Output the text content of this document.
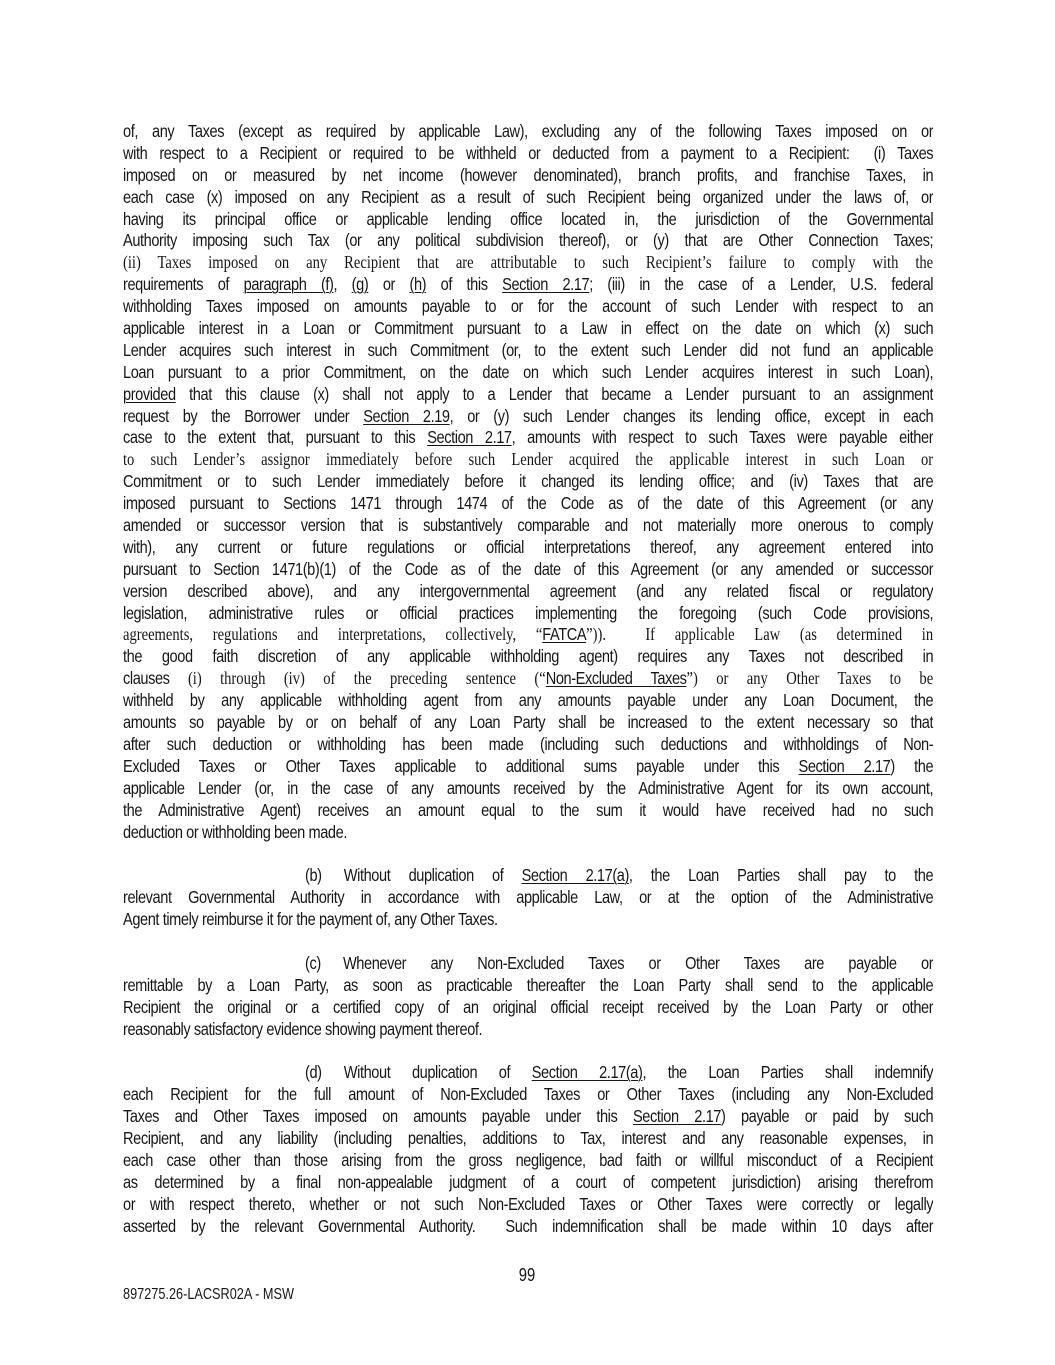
of, any Taxes (except as required by applicable Law), excluding any of the following Taxes imposed on or
with respect to a Recipient or required to be withheld or deducted from a payment to a Recipient:  (i) Taxes
imposed on or measured by net income (however denominated), branch profits, and franchise Taxes, in
each case (x) imposed on any Recipient as a result of such Recipient being organized under the laws of, or
having its principal office or applicable lending office located in, the jurisdiction of the Governmental
Authority imposing such Tax (or any political subdivision thereof), or (y) that are Other Connection Taxes;
(ii) Taxes imposed on any Recipient that are attributable to such Recipient’s failure to comply with the
requirements of paragraph (f), (g) or (h) of this Section 2.17; (iii) in the case of a Lender, U.S. federal
withholding Taxes imposed on amounts payable to or for the account of such Lender with respect to an
applicable interest in a Loan or Commitment pursuant to a Law in effect on the date on which (x) such
Lender acquires such interest in such Commitment (or, to the extent such Lender did not fund an applicable
Loan pursuant to a prior Commitment, on the date on which such Lender acquires interest in such Loan),
provided that this clause (x) shall not apply to a Lender that became a Lender pursuant to an assignment
request by the Borrower under Section 2.19, or (y) such Lender changes its lending office, except in each
case to the extent that, pursuant to this Section 2.17, amounts with respect to such Taxes were payable either
to such Lender’s assignor immediately before such Lender acquired the applicable interest in such Loan or
Commitment or to such Lender immediately before it changed its lending office; and (iv) Taxes that are
imposed pursuant to Sections 1471 through 1474 of the Code as of the date of this Agreement (or any
amended or successor version that is substantively comparable and not materially more onerous to comply
with), any current or future regulations or official interpretations thereof, any agreement entered into
pursuant to Section 1471(b)(1) of the Code as of the date of this Agreement (or any amended or successor
version described above), and any intergovernmental agreement (and any related fiscal or regulatory
legislation, administrative rules or official practices implementing the foregoing (such Code provisions,
agreements, regulations and interpretations, collectively, “FATCA”)).  If applicable Law (as determined in
the good faith discretion of any applicable withholding agent) requires any Taxes not described in
clauses (i) through (iv) of the preceding sentence (“Non-Excluded Taxes”) or any Other Taxes to be
withheld by any applicable withholding agent from any amounts payable under any Loan Document, the
amounts so payable by or on behalf of any Loan Party shall be increased to the extent necessary so that
after such deduction or withholding has been made (including such deductions and withholdings of Non-
Excluded Taxes or Other Taxes applicable to additional sums payable under this Section 2.17) the
applicable Lender (or, in the case of any amounts received by the Administrative Agent for its own account,
the Administrative Agent) receives an amount equal to the sum it would have received had no such
deduction or withholding been made.
(b) Without duplication of Section 2.17(a), the Loan Parties shall pay to the
relevant Governmental Authority in accordance with applicable Law, or at the option of the Administrative
Agent timely reimburse it for the payment of, any Other Taxes.
(c) Whenever any Non-Excluded Taxes or Other Taxes are payable or
remittable by a Loan Party, as soon as practicable thereafter the Loan Party shall send to the applicable
Recipient the original or a certified copy of an original official receipt received by the Loan Party or other
reasonably satisfactory evidence showing payment thereof.
(d) Without duplication of Section 2.17(a), the Loan Parties shall indemnify
each Recipient for the full amount of Non-Excluded Taxes or Other Taxes (including any Non-Excluded
Taxes and Other Taxes imposed on amounts payable under this Section 2.17) payable or paid by such
Recipient, and any liability (including penalties, additions to Tax, interest and any reasonable expenses, in
each case other than those arising from the gross negligence, bad faith or willful misconduct of a Recipient
as determined by a final non-appealable judgment of a court of competent jurisdiction) arising therefrom
or with respect thereto, whether or not such Non-Excluded Taxes or Other Taxes were correctly or legally
asserted by the relevant Governmental Authority.  Such indemnification shall be made within 10 days after
99
897275.26-LACSR02A - MSW
